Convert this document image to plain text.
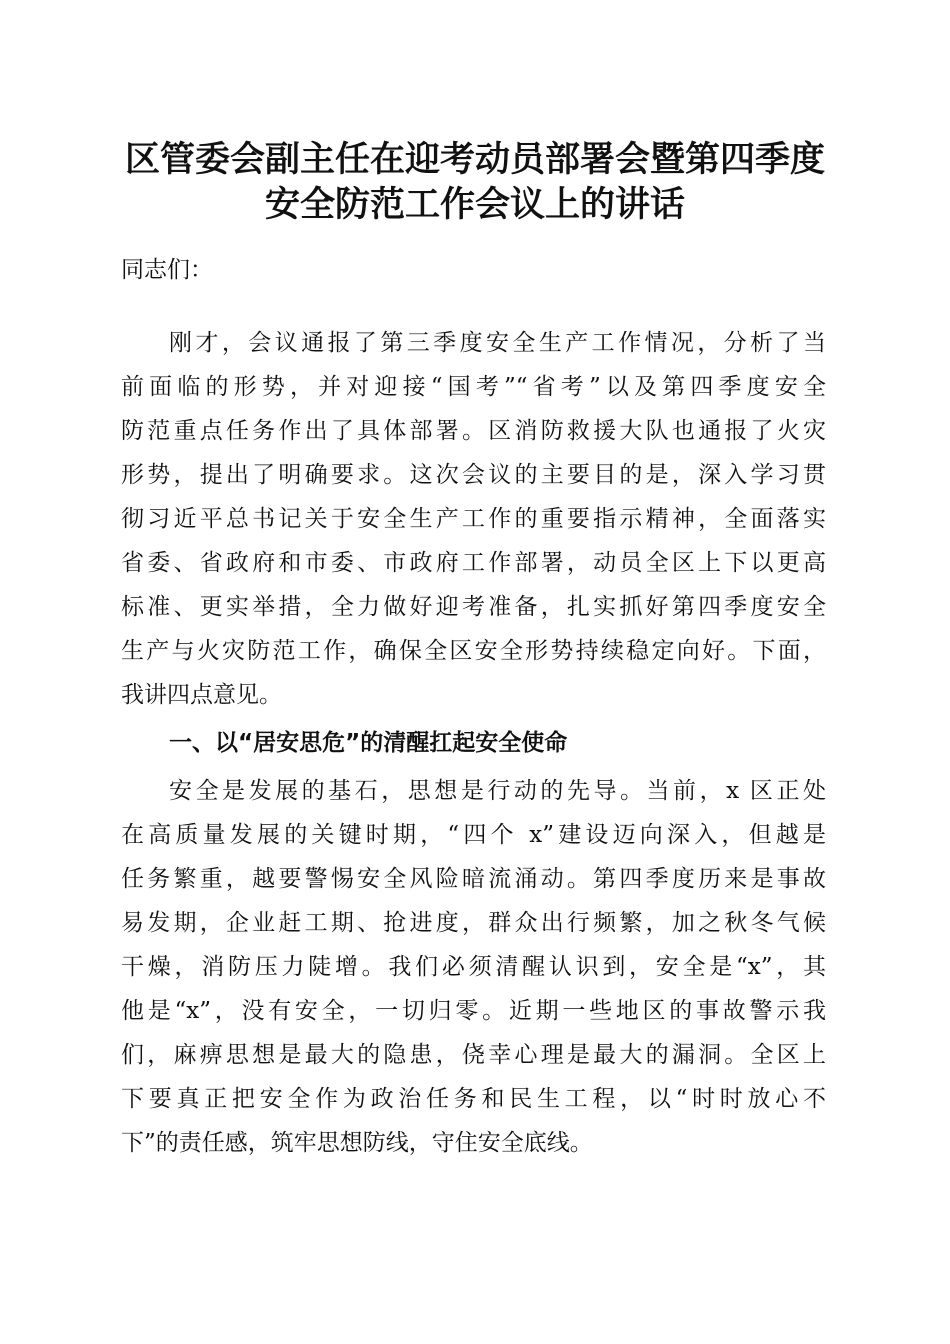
区管委会副主任在迎考动员部署会暨第四季度
安全防范工作会议上的讲话
同志们：
刚才，会议通报了第三季度安全生产工作情况，分析了当
前面临的形势，并对迎接“国考”“省考”以及第四季度安全
防范重点任务作出了具体部署。区消防救援大队也通报了火灾
形势，提出了明确要求。这次会议的主要目的是，深入学习贯
彻习近平总书记关于安全生产工作的重要指示精神，全面落实
省委、省政府和市委、市政府工作部署，动员全区上下以更高
标准、更实举措，全力做好迎考准备，扎实抓好第四季度安全
生产与火灾防范工作，确保全区安全形势持续稳定向好。下面，
我讲四点意见。
一、以“居安思危”的清醒扛起安全使命
安全是发展的基石，思想是行动的先导。当前，x 区正处
在高质量发展的关键时期，“四个 x”建设迈向深入，但越是
任务繁重，越要警惕安全风险暗流涌动。第四季度历来是事故
易发期，企业赶工期、抢进度，群众出行频繁，加之秋冬气候
干燥，消防压力陡增。我们必须清醒认识到，安全是“x”，其
他是“x”，没有安全，一切归零。近期一些地区的事故警示我
们，麻痹思想是最大的隐患，侥幸心理是最大的漏洞。全区上
下要真正把安全作为政治任务和民生工程，以“时时放心不
下”的责任感，筑牢思想防线，守住安全底线。
